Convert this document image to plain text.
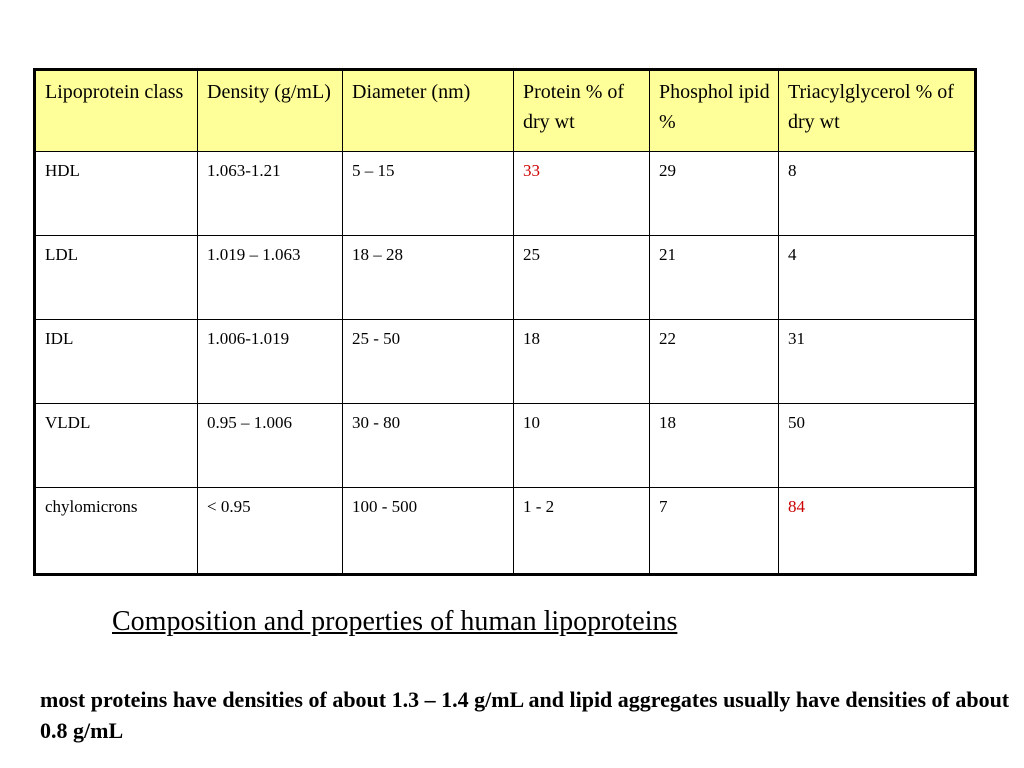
Lipoprotein class	Density (g/mL)	Diameter (nm)	Protein % of dry wt	Phosphol ipid %	Triacylglycerol % of dry wt
HDL	1.063-1.21	5 – 15	33	29	8
LDL	1.019 – 1.063	18 – 28	25	21	4
IDL	1.006-1.019	25 - 50	18	22	31
VLDL	0.95 – 1.006	30 - 80	10	18	50
chylomicrons	< 0.95	100 - 500	1 - 2	7	84
Composition and properties of human lipoproteins

most proteins have densities of about 1.3 – 1.4 g/mL and lipid aggregates usually have densities of about 0.8 g/mL
